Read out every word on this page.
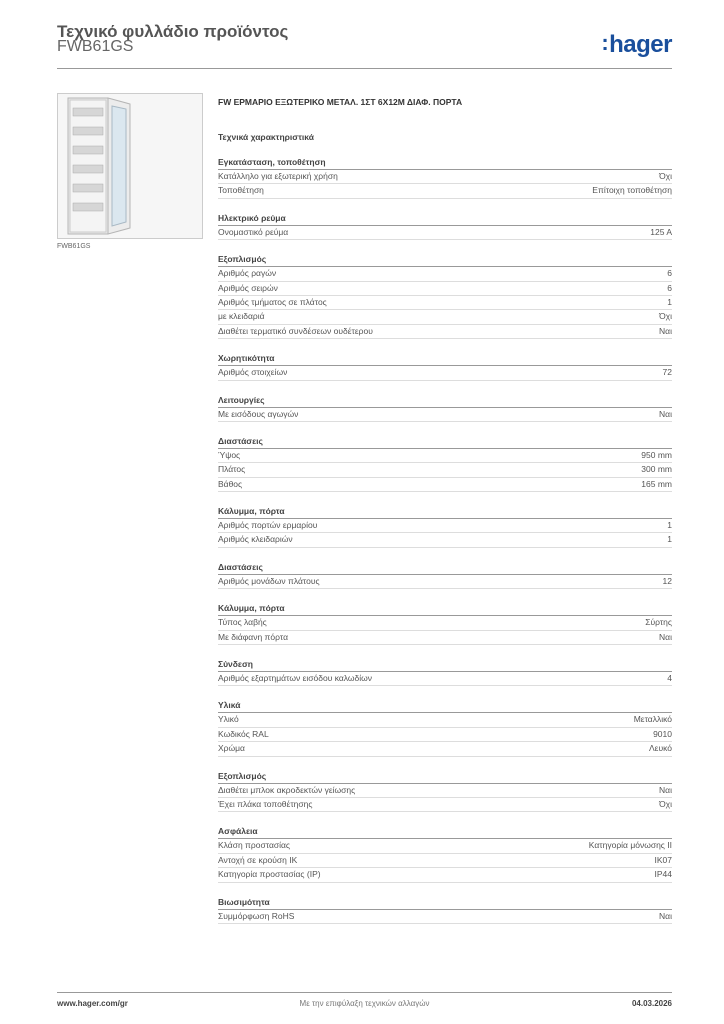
Τεχνικό φυλλάδιο προϊόντος
FWB61GS	:hager
FWB61GS
FW ΕΡΜΑΡΙΟ ΕΞΩΤΕΡΙΚΟ ΜΕΤΑΛ. 1ΣΤ 6Χ12Μ ΔΙΑΦ. ΠΟΡΤΑ
Τεχνικά χαρακτηριστικά
Εγκατάσταση, τοποθέτηση
Κατάλληλο για εξωτερική χρήση	Όχι
Τοποθέτηση	Επίτοιχη τοποθέτηση
Ηλεκτρικό ρεύμα
Ονομαστικό ρεύμα	125 A
Εξοπλισμός
Αριθμός ραγών	6
Αριθμός σειρών	6
Αριθμός τμήματος σε πλάτος	1
με κλειδαριά	Όχι
Διαθέτει τερματικό συνδέσεων ουδέτερου	Ναι
Χωρητικότητα
Αριθμός στοιχείων	72
Λειτουργίες
Με εισόδους αγωγών	Ναι
Διαστάσεις
Ύψος	950 mm
Πλάτος	300 mm
Βάθος	165 mm
Κάλυμμα, πόρτα
Αριθμός πορτών ερμαρίου	1
Αριθμός κλειδαριών	1
Διαστάσεις
Αριθμός μονάδων πλάτους	12
Κάλυμμα, πόρτα
Τύπος λαβής	Σύρτης
Με διάφανη πόρτα	Ναι
Σύνδεση
Αριθμός εξαρτημάτων εισόδου καλωδίων	4
Υλικά
Υλικό	Μεταλλικό
Κωδικός RAL	9010
Χρώμα	Λευκό
Εξοπλισμός
Διαθέτει μπλοκ ακροδεκτών γείωσης	Ναι
Έχει πλάκα τοποθέτησης	Όχι
Ασφάλεια
Κλάση προστασίας	Κατηγορία μόνωσης II
Αντοχή σε κρούση IK	IK07
Κατηγορία προστασίας (IP)	IP44
Βιωσιμότητα
Συμμόρφωση RoHS	Ναι
www.hager.com/gr	Με την επιφύλαξη τεχνικών αλλαγών	04.03.2026
